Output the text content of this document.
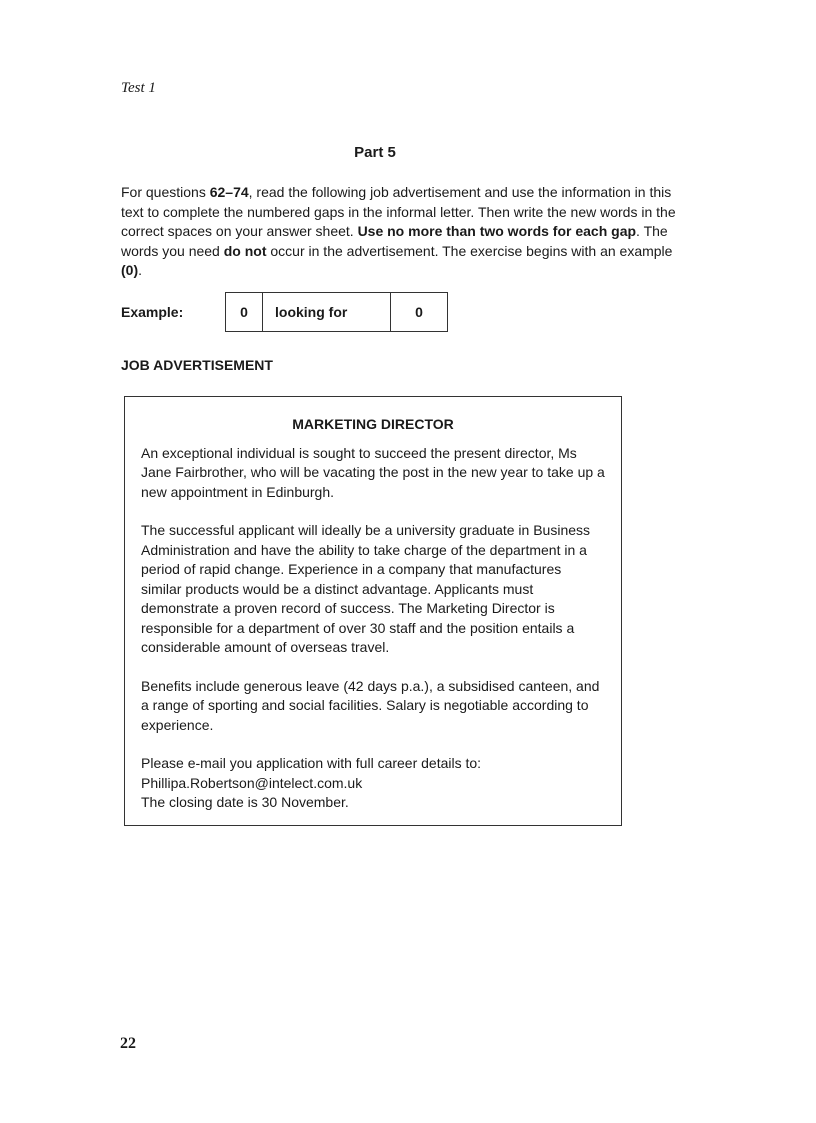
Test 1
Part 5
For questions 62–74, read the following job advertisement and use the information in this text to complete the numbered gaps in the informal letter. Then write the new words in the correct spaces on your answer sheet. Use no more than two words for each gap. The words you need do not occur in the advertisement. The exercise begins with an example (0).
Example:	0	looking for	0
JOB ADVERTISEMENT
MARKETING DIRECTOR

An exceptional individual is sought to succeed the present director, Ms Jane Fairbrother, who will be vacating the post in the new year to take up a new appointment in Edinburgh.

The successful applicant will ideally be a university graduate in Business Administration and have the ability to take charge of the department in a period of rapid change. Experience in a company that manufactures similar products would be a distinct advantage. Applicants must demonstrate a proven record of success. The Marketing Director is responsible for a department of over 30 staff and the position entails a considerable amount of overseas travel.

Benefits include generous leave (42 days p.a.), a subsidised canteen, and a range of sporting and social facilities. Salary is negotiable according to experience.

Please e-mail you application with full career details to:
Phillipa.Robertson@intelect.com.uk
The closing date is 30 November.

22
